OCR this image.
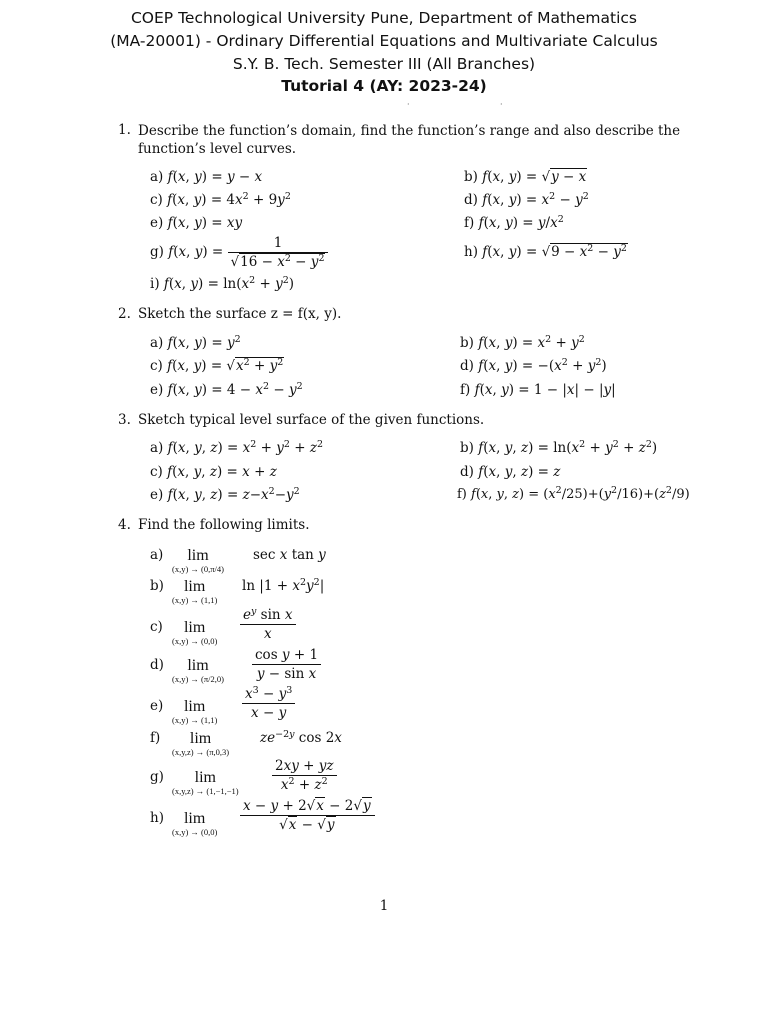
COEP Technological University Pune, Department of Mathematics
(MA-20001) - Ordinary Differential Equations and Multivariate Calculus
S.Y. B. Tech. Semester III (All Branches)
Tutorial 4 (AY: 2023-24)
·	·
1. Describe the function’s domain, find the function’s range and also describe the function’s level curves.
a) f(x, y) = y − x	b) f(x, y) = √y − x
c) f(x, $y) = 4x^2 + 9y^2$	d) f(x, $y) = x^2 - y^2$
e) f(x, y) = xy	f) f(x, $y) = y/x^2$
g) f(x, $y) = \frac{1}{√16 - x^2 - y^2}$	h) f(x, $y) = √9 - x^2 - y^2$
i) f(x, $y) = \ln(x^2 + y^2)$
2. Sketch the surface z = f(x, y).
a) f(x, $y) = y^2$	b) f(x, $y) = x^2 + y^2$
c) f(x, $y) = √x^2 + y^2$	d) f(x, $y) = -(x^2 + y^2)$
e) f(x, $y) = 4 - x^2 - y^2$	f) f(x, y) = 1 − |x| − |y|
3. Sketch typical level surface of the given functions.
a) f(x, y, $z) = x^2 + y^2 + z^2$	b) f(x, y, $z) = \ln(x^2 + y^2 + z^2)$
c) f(x, y, z) = x + z	d) f(x, y, z) = z
e) f(x, y, $z) = z-x^2-y^2$	f) f(x, y, $z) = (x^2/25)+(y^2/16)+(z^2/9)$
4. Find the following limits.
a)	lim
(x,y) → (0,π/4)
sec x tan y
b)	lim
(x,y) → (1,1)
$\ln |1 + x^2y^2|$
c)	lim
$(x,y) \to (0,0) \frac{e^y \sin x}{x}$
d)	lim
$(x,y) \to (\pi/2,0) \frac{\text{cos y + 1}}{\text{y − sin x}}$
e)	lim
$(x,y) \to (1,1) \frac{x^3 - y^3}{x - y}$
f)	lim
(x,y,z) → (π,0,3)
$ze^{-2y}$ cos 2x
g)	lim
$(x,y,z) \to (1,-1,-1) \frac{2xy + yz}{x^2 + z^2}$
h)	lim
$(x,y) \to (0,0) \frac{x - y + 2√x - 2√y}{√x - √y}$
1
